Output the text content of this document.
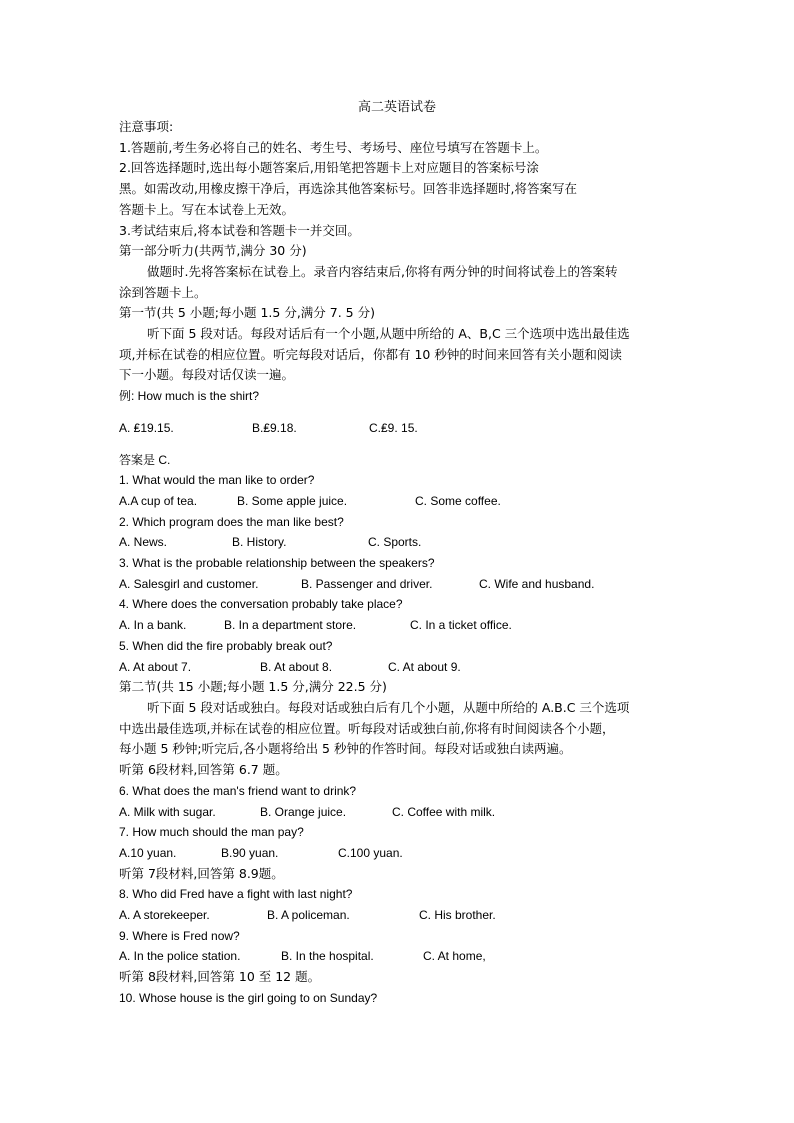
高二英语试卷
注意事项:
1.答题前,考生务必将自己的姓名、考生号、考场号、座位号填写在答题卡上。
2.回答选择题时,选出每小题答案后,用铅笔把答题卡上对应题目的答案标号涂
黑。如需改动,用橡皮擦干净后，再选涂其他答案标号。回答非选择题时,将答案写在
答题卡上。写在本试卷上无效。
3.考试结束后,将本试卷和答题卡一并交回。
第一部分听力(共两节,满分 30 分)
做题时.先将答案标在试卷上。录音内容结束后,你将有两分钟的时间将试卷上的答案转
涂到答题卡上。
第一节(共 5 小题;每小题 1.5 分,满分 7. 5 分)
听下面 5 段对话。每段对话后有一个小题,从题中所给的 A、B,C 三个选项中选出最佳选
项,并标在试卷的相应位置。听完每段对话后，你都有 10 秒钟的时间来回答有关小题和阅读
下一小题。每段对话仅读一遍。
例: How much is the shirt?
A. ₤19.15.	B.₤9.18.	C.₤9. 15.
答案是 C.
1. What would the man like to order?
A.A cup of tea.	B. Some apple juice.	C. Some coffee.
2. Which program does the man like best?
A. News.	B. History.	C. Sports.
3. What is the probable relationship between the speakers?
A. Salesgirl and customer.	B. Passenger and driver.	C. Wife and husband.
4. Where does the conversation probably take place?
A. In a bank.	B. In a department store.	C. In a ticket office.
5. When did the fire probably break out?
A. At about 7.	B. At about 8.	C. At about 9.
第二节(共 15 小题;每小题 1.5 分,满分 22.5 分)
听下面 5 段对话或独白。每段对话或独白后有几个小题，从题中所给的 A.B.C 三个选项
中选出最佳选项,并标在试卷的相应位置。听每段对话或独白前,你将有时间阅读各个小题，
每小题 5 秒钟;听完后,各小题将给出 5 秒钟的作答时间。每段对话或独白读两遍。
听第 6段材料,回答第 6.7 题。
6. What does the man's friend want to drink?
A. Milk with sugar.	B. Orange juice.	C. Coffee with milk.
7. How much should the man pay?
A.10 yuan.	B.90 yuan.	C.100 yuan.
听第 7段材料,回答第 8.9题。
8. Who did Fred have a fight with last night?
A. A storekeeper.	B. A policeman.	C. His brother.
9. Where is Fred now?
A. In the police station.	B. In the hospital.	C. At home,
听第 8段材料,回答第 10 至 12 题。
10. Whose house is the girl going to on Sunday?
